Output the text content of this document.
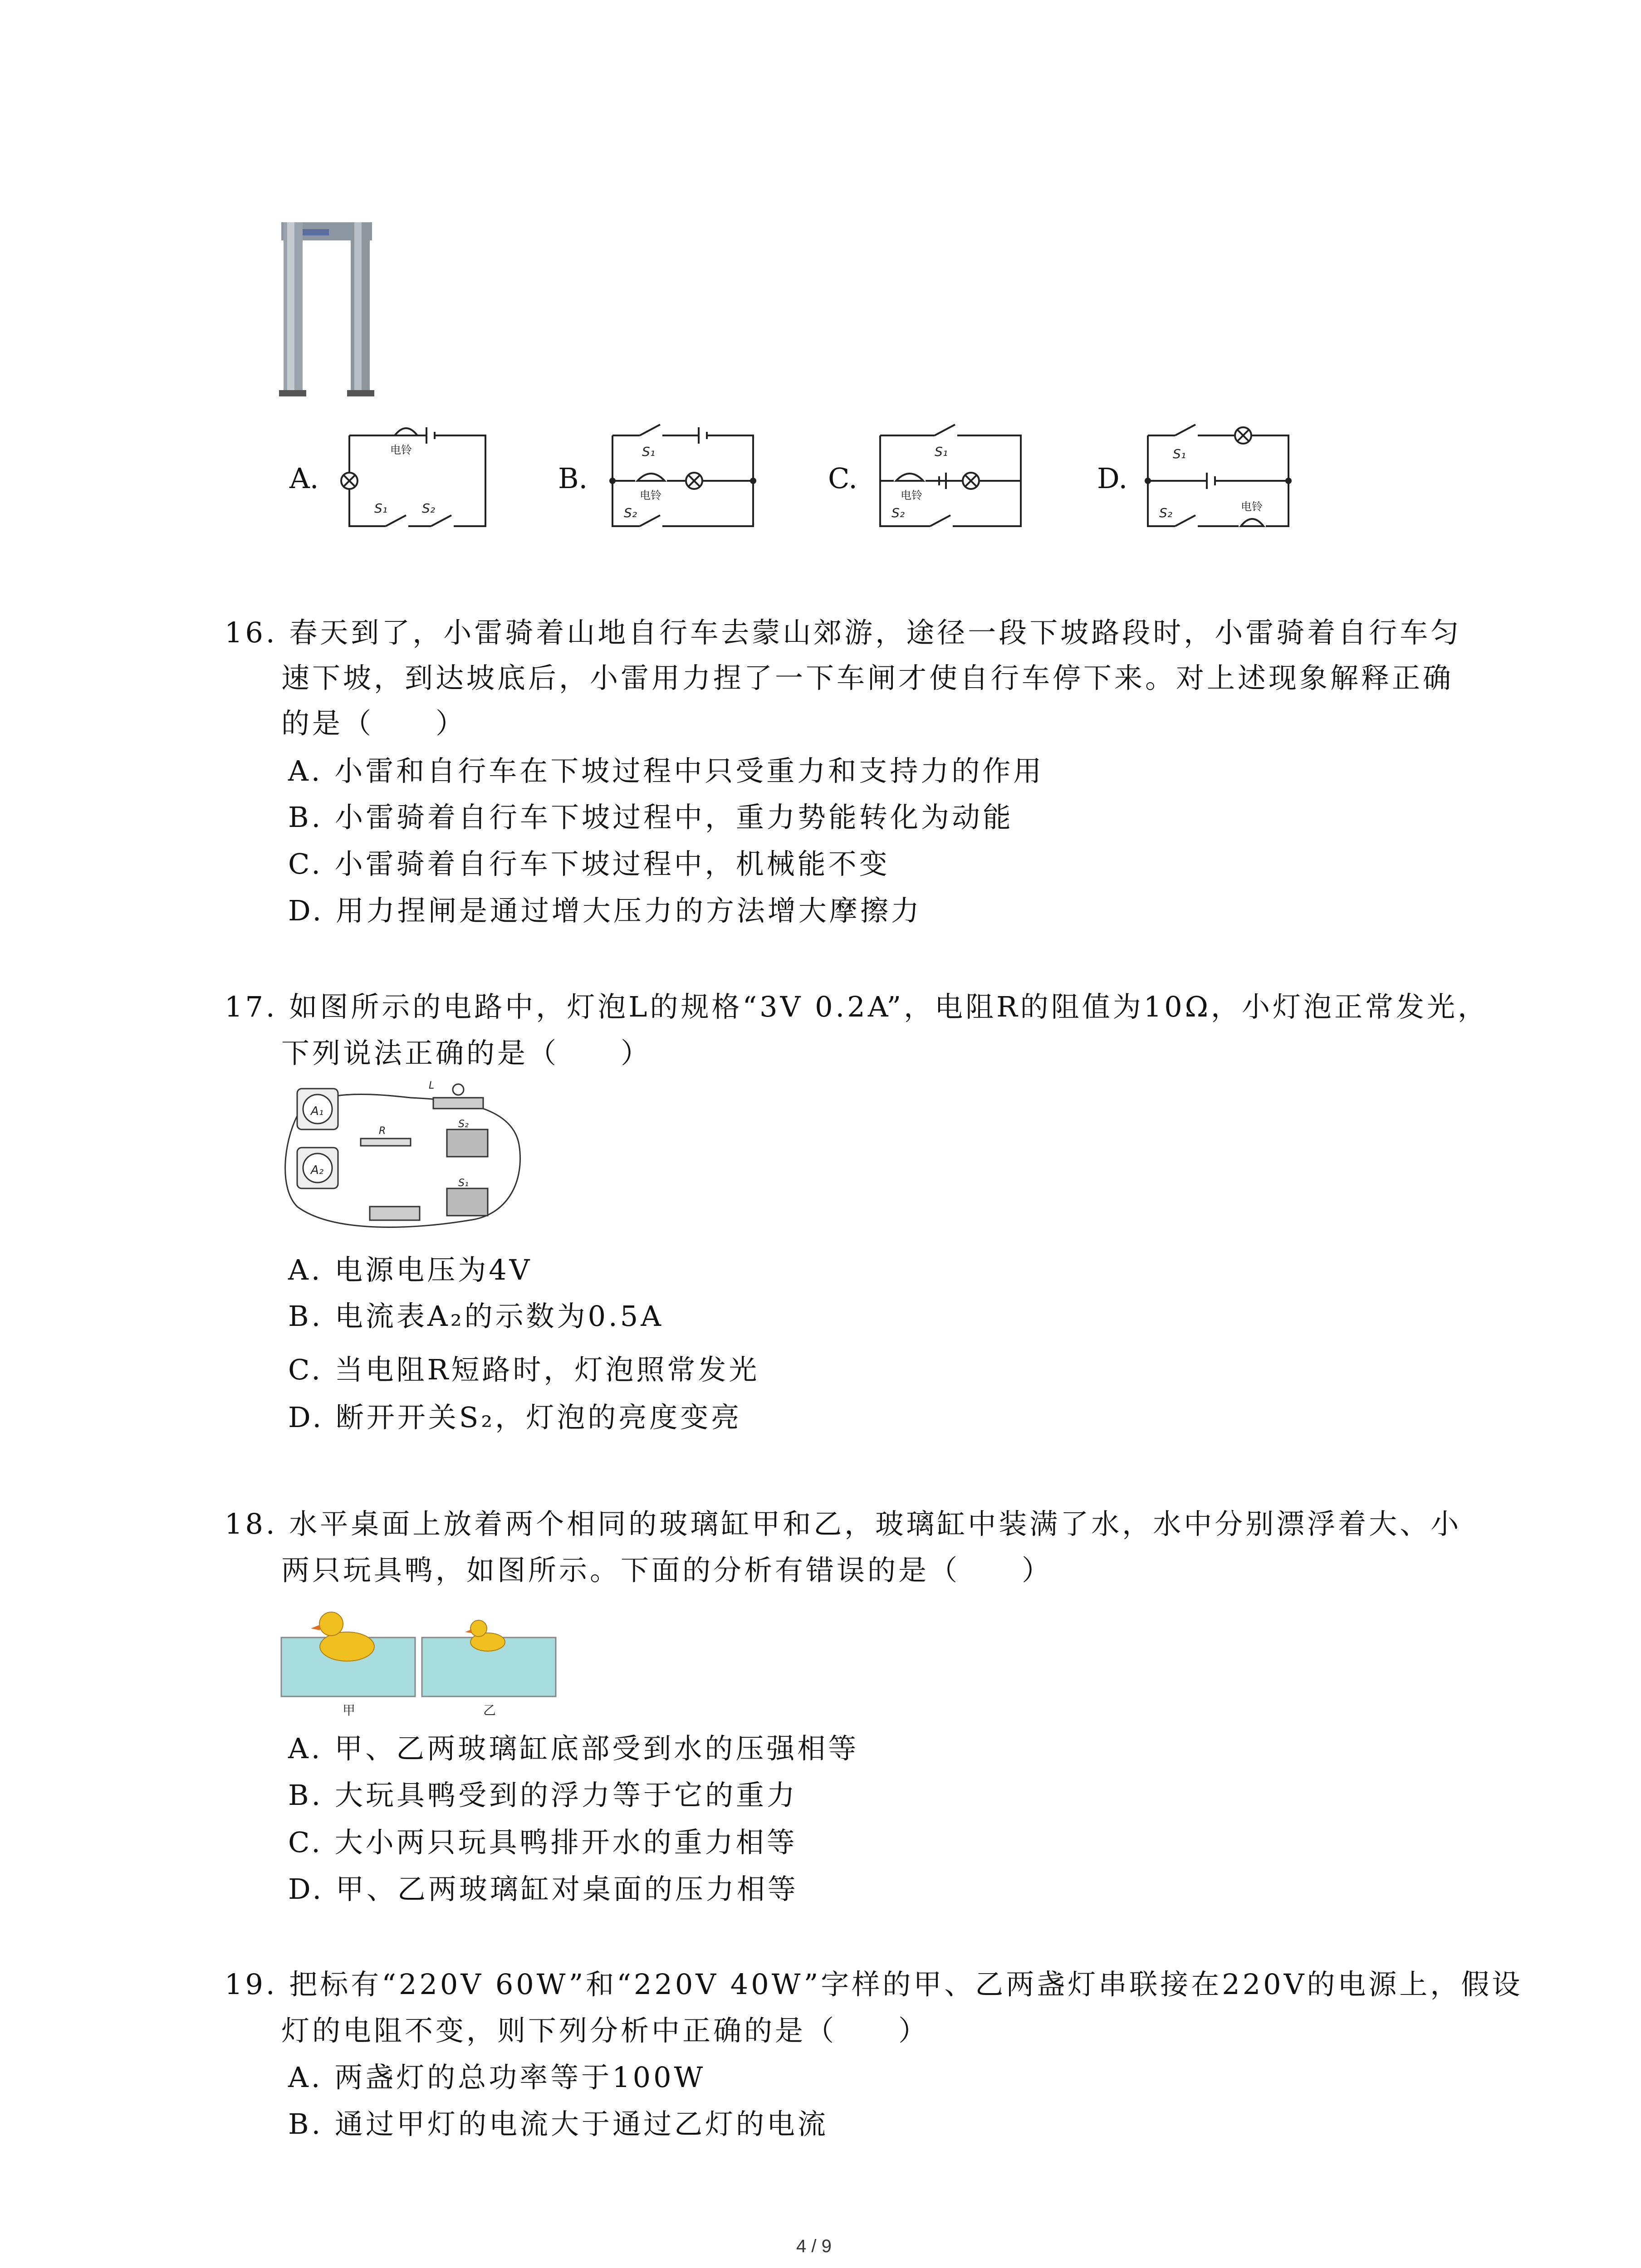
A.	B.	C.	D.
电铃
S₁	S₂
S₁
电铃
S₂
S₁
电铃
S₂
S₁
电铃
S₂
16. 春天到了，小雷骑着山地自行车去蒙山郊游，途径一段下坡路段时，小雷骑着自行车匀
速下坡，到达坡底后，小雷用力捏了一下车闸才使自行车停下来。对上述现象解释正确
的是（　　）
A. 小雷和自行车在下坡过程中只受重力和支持力的作用
B. 小雷骑着自行车下坡过程中，重力势能转化为动能
C. 小雷骑着自行车下坡过程中，机械能不变
D. 用力捏闸是通过增大压力的方法增大摩擦力
17. 如图所示的电路中，灯泡L的规格“3V 0.2A”，电阻R的阻值为10Ω，小灯泡正常发光，
下列说法正确的是（　　）
A₁
A₂
L
R
S₂
S₁
A. 电源电压为4V
B. 电流表A₂的示数为0.5A
C. 当电阻R短路时，灯泡照常发光
D. 断开开关S₂，灯泡的亮度变亮
18. 水平桌面上放着两个相同的玻璃缸甲和乙，玻璃缸中装满了水，水中分别漂浮着大、小
两只玩具鸭，如图所示。下面的分析有错误的是（　　）
甲	乙
A. 甲、乙两玻璃缸底部受到水的压强相等
B. 大玩具鸭受到的浮力等于它的重力
C. 大小两只玩具鸭排开水的重力相等
D. 甲、乙两玻璃缸对桌面的压力相等
19. 把标有“220V 60W”和“220V 40W”字样的甲、乙两盏灯串联接在220V的电源上，假设
灯的电阻不变，则下列分析中正确的是（　　）
A. 两盏灯的总功率等于100W
B. 通过甲灯的电流大于通过乙灯的电流
4 / 9
